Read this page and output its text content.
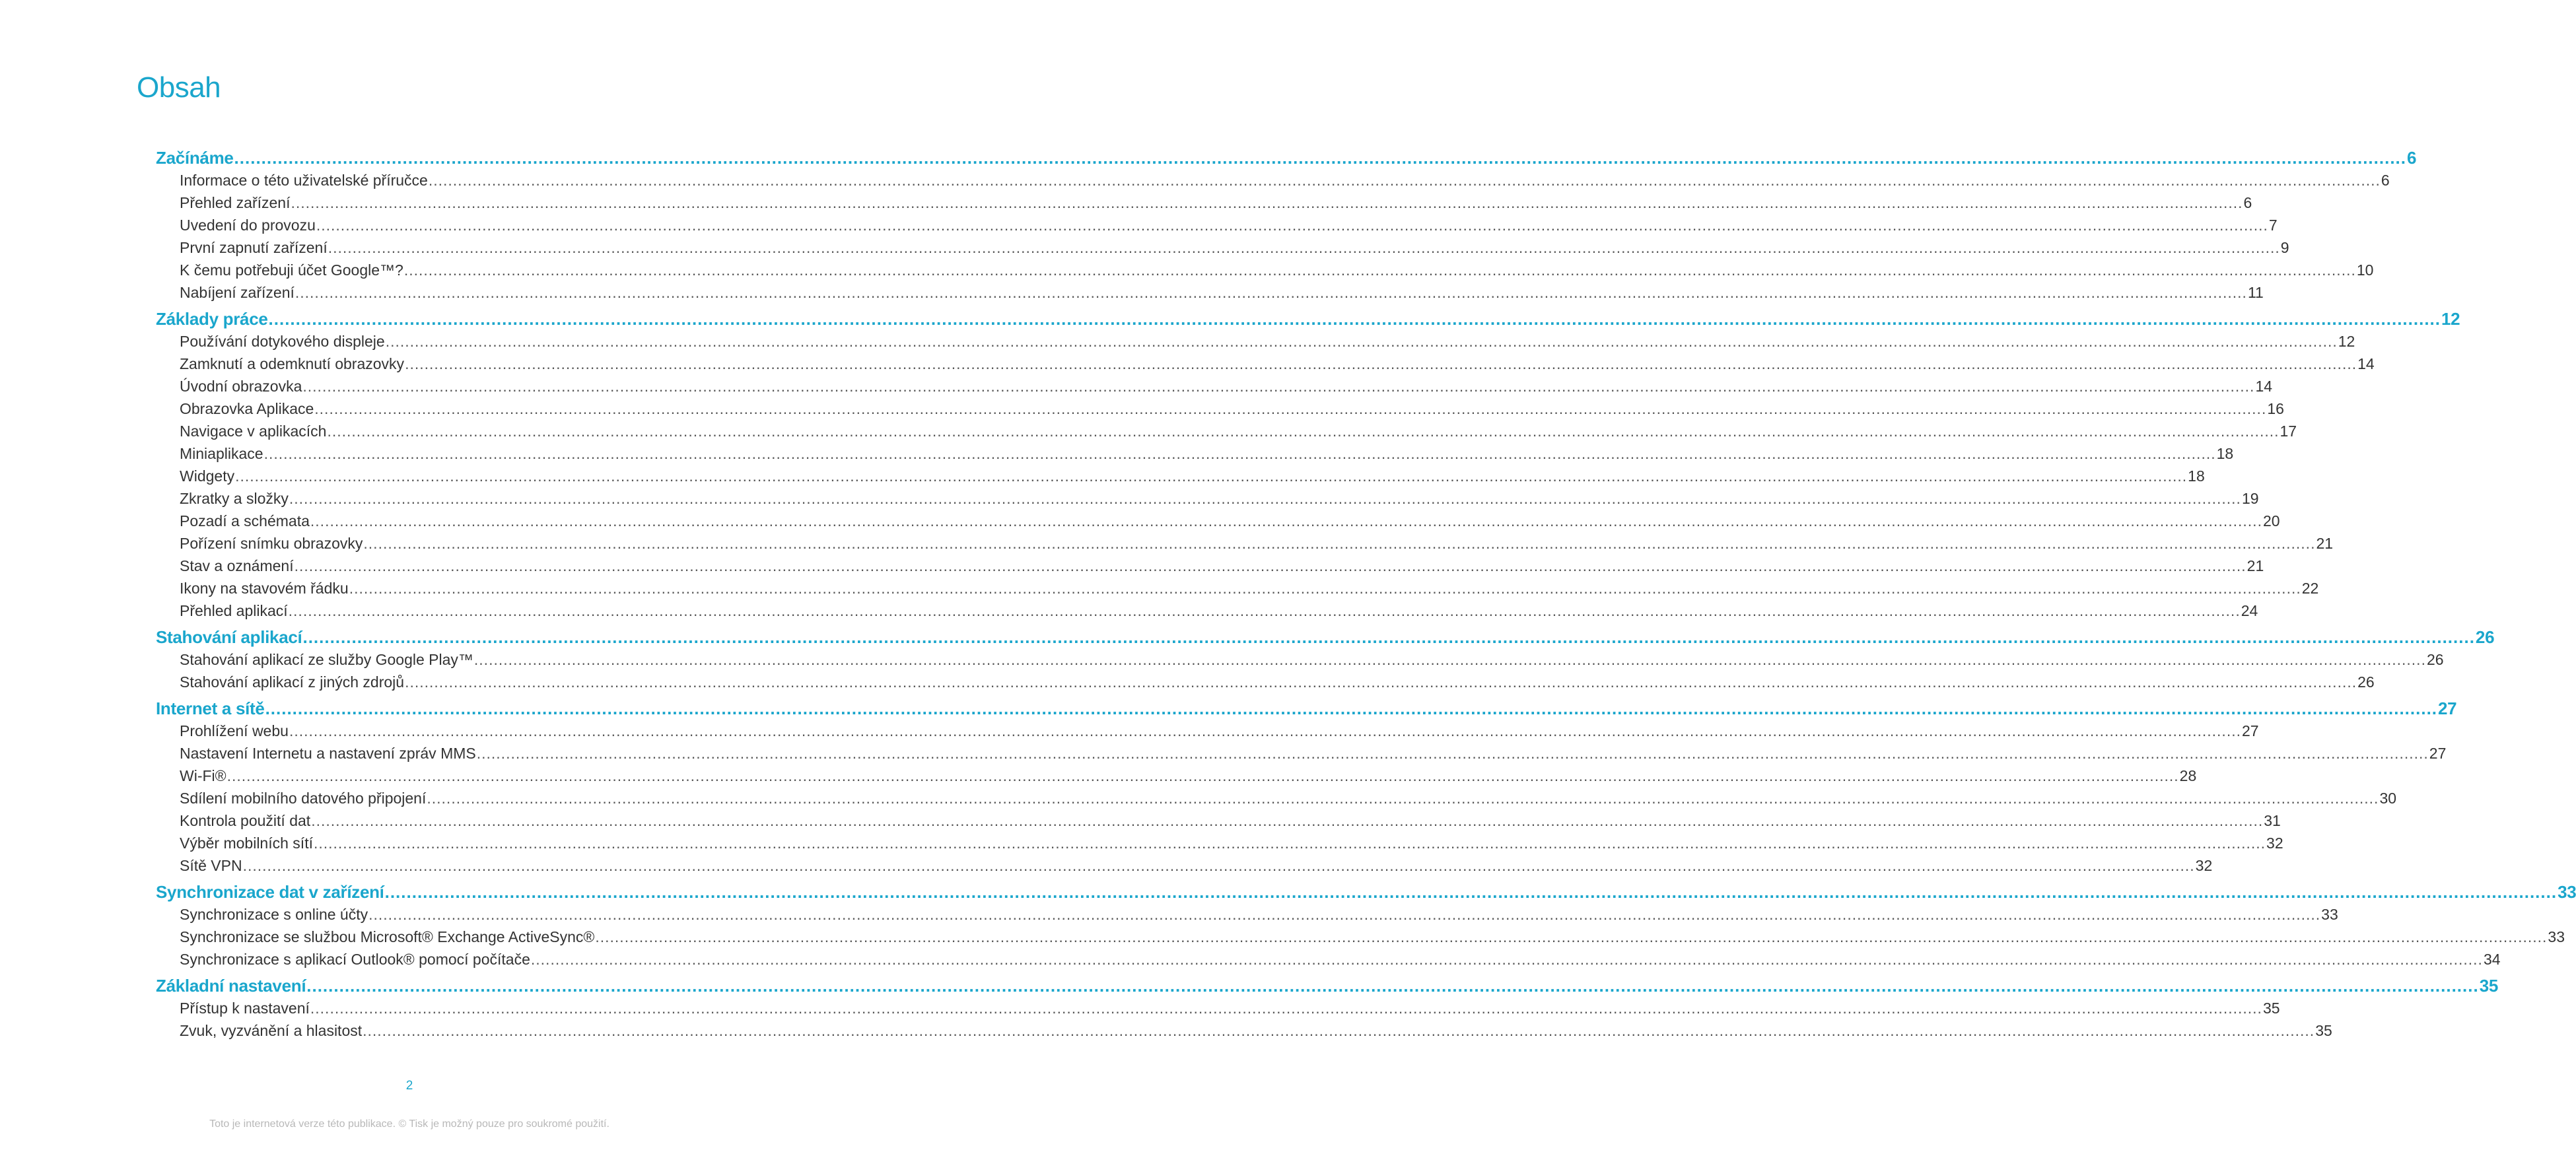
Obsah
Začínáme ................................................................................................................................................................................................................................................................................................................................................................................................................ 6
Informace o této uživatelské příručce ................................................................................................................................................................................................................................................................................................................................................................................................................ 6
Přehled zařízení ................................................................................................................................................................................................................................................................................................................................................................................................................ 6
Uvedení do provozu ................................................................................................................................................................................................................................................................................................................................................................................................................ 7
První zapnutí zařízení ................................................................................................................................................................................................................................................................................................................................................................................................................ 9
K čemu potřebuji účet Google™? ................................................................................................................................................................................................................................................................................................................................................................................................................ 10
Nabíjení zařízení ................................................................................................................................................................................................................................................................................................................................................................................................................ 11
Základy práce ................................................................................................................................................................................................................................................................................................................................................................................................................ 12
Používání dotykového displeje ................................................................................................................................................................................................................................................................................................................................................................................................................ 12
Zamknutí a odemknutí obrazovky ................................................................................................................................................................................................................................................................................................................................................................................................................ 14
Úvodní obrazovka ................................................................................................................................................................................................................................................................................................................................................................................................................ 14
Obrazovka Aplikace ................................................................................................................................................................................................................................................................................................................................................................................................................ 16
Navigace v aplikacích ................................................................................................................................................................................................................................................................................................................................................................................................................ 17
Miniaplikace ................................................................................................................................................................................................................................................................................................................................................................................................................ 18
Widgety ................................................................................................................................................................................................................................................................................................................................................................................................................ 18
Zkratky a složky ................................................................................................................................................................................................................................................................................................................................................................................................................ 19
Pozadí a schémata ................................................................................................................................................................................................................................................................................................................................................................................................................ 20
Pořízení snímku obrazovky ................................................................................................................................................................................................................................................................................................................................................................................................................ 21
Stav a oznámení ................................................................................................................................................................................................................................................................................................................................................................................................................ 21
Ikony na stavovém řádku ................................................................................................................................................................................................................................................................................................................................................................................................................ 22
Přehled aplikací ................................................................................................................................................................................................................................................................................................................................................................................................................ 24
Stahování aplikací ................................................................................................................................................................................................................................................................................................................................................................................................................ 26
Stahování aplikací ze služby Google Play™ ................................................................................................................................................................................................................................................................................................................................................................................................................ 26
Stahování aplikací z jiných zdrojů ................................................................................................................................................................................................................................................................................................................................................................................................................ 26
Internet a sítě ................................................................................................................................................................................................................................................................................................................................................................................................................ 27
Prohlížení webu ................................................................................................................................................................................................................................................................................................................................................................................................................ 27
Nastavení Internetu a nastavení zpráv MMS ................................................................................................................................................................................................................................................................................................................................................................................................................ 27
Wi-Fi® ................................................................................................................................................................................................................................................................................................................................................................................................................ 28
Sdílení mobilního datového připojení ................................................................................................................................................................................................................................................................................................................................................................................................................ 30
Kontrola použití dat ................................................................................................................................................................................................................................................................................................................................................................................................................ 31
Výběr mobilních sítí ................................................................................................................................................................................................................................................................................................................................................................................................................ 32
Sítě VPN ................................................................................................................................................................................................................................................................................................................................................................................................................ 32
Synchronizace dat v zařízení ................................................................................................................................................................................................................................................................................................................................................................................................................ 33
Synchronizace s online účty ................................................................................................................................................................................................................................................................................................................................................................................................................ 33
Synchronizace se službou Microsoft® Exchange ActiveSync® ................................................................................................................................................................................................................................................................................................................................................................................................................ 33
Synchronizace s aplikací Outlook® pomocí počítače ................................................................................................................................................................................................................................................................................................................................................................................................................ 34
Základní nastavení ................................................................................................................................................................................................................................................................................................................................................................................................................ 35
Přístup k nastavení ................................................................................................................................................................................................................................................................................................................................................................................................................ 35
Zvuk, vyzvánění a hlasitost ................................................................................................................................................................................................................................................................................................................................................................................................................ 35
2
Toto je internetová verze této publikace. © Tisk je možný pouze pro soukromé použití.
